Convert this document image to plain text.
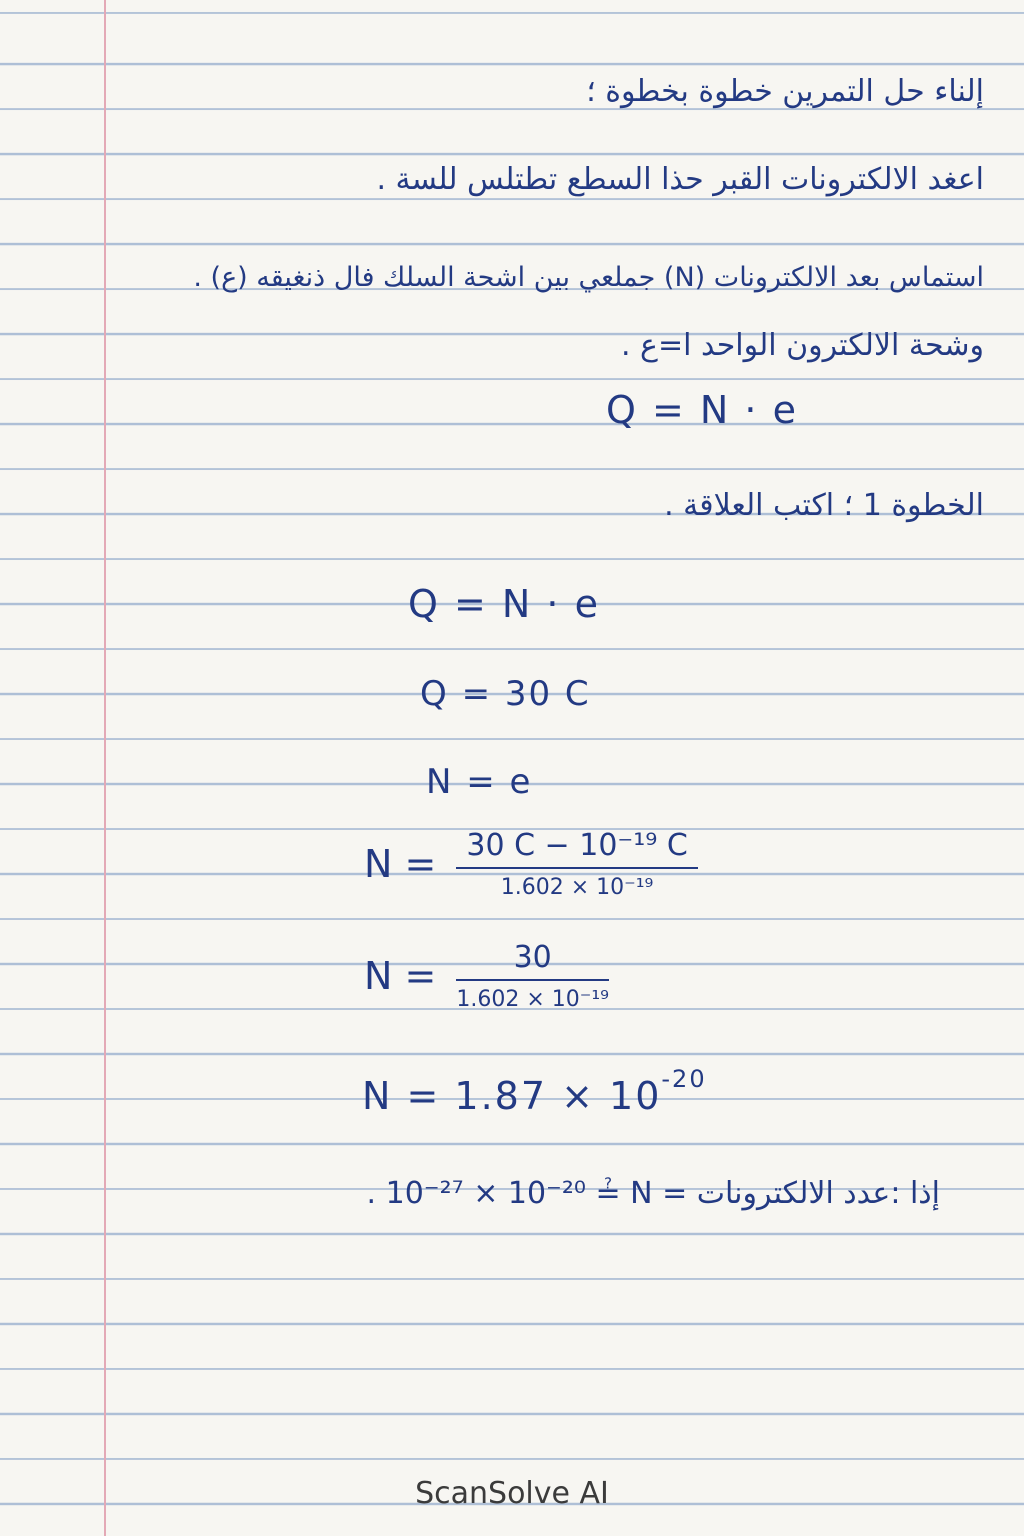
إلناء حل التمرين خطوة بخطوة ؛
اعغد الالكترونات القبر حذا السطع تطتلس للسة .
استماس بعد الالكترونات (N) جملعي بين اشحة السلك فال ذنغيقه (ع) .
وشحة الالكترون الواحد ا=ع .
Q = N · e
الخطوة 1 ؛ اكتب العلاقة .
Q = N · e
Q = 30 C
N = e
$N = \frac{\text{30 C − 10⁻¹⁹ C}}{\text{1.602 × 10⁻¹⁹}}$
$N = \frac{30}{\text{1.602 × 10⁻¹⁹}}$
$N = 1.87 \times 10^{-20}$
. 10⁻²⁷ × 10⁻²⁰ ≟ N = إذا :عدد الالكترونات
ScanSolve AI
